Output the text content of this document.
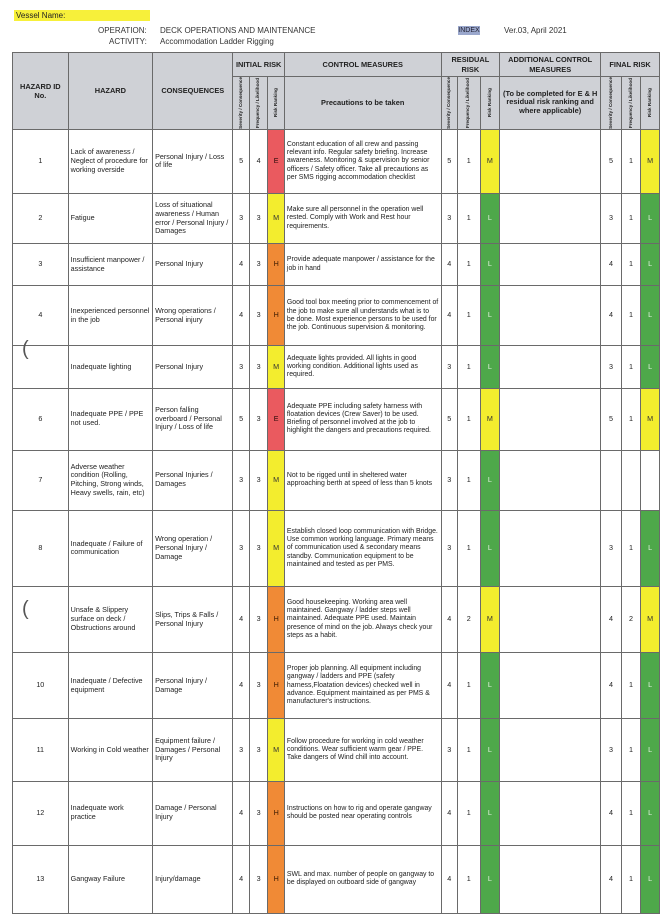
Vessel Name:
OPERATION: DECK OPERATIONS AND MAINTENANCE
ACTIVITY: Accommodation Ladder Rigging
INDEX	Ver.03, April 2021
HAZARD ID No.	HAZARD	CONSEQUENCES	INITIAL RISK			CONTROL MEASURES	RESIDUAL RISK			ADDITIONAL CONTROL MEASURES	FINAL RISK		

			Severity / Consequence	Frequency / Likelihood	Risk Ranking	Precautions to be taken	Severity / Consequence	Frequency / Likelihood	Risk Ranking	(To be completed for E & H residual risk ranking and where applicable)	Severity / Consequence	Frequency / Likelihood	Risk Ranking

1	Lack of awareness / Neglect of procedure for working overside	Personal Injury / Loss of life	5	4	E	Constant education of all crew and passing relevant info. Regular safety briefing. Increase awareness. Monitoring & supervision by senior officers / Safety officer. Take all precautions as per SMS rigging accommodation checklist	5	1	M		5	1	M
2	Fatigue	Loss of situational awareness / Human error / Personal Injury / Damages	3	3	M	Make sure all personnel in the operation well rested. Comply with Work and Rest hour requirements.	3	1	L		3	1	L
3	Insufficient manpower / assistance	Personal Injury	4	3	H	Provide adequate manpower / assistance for the job in hand	4	1	L		4	1	L
4	Inexperienced personnel in the job	Wrong operations / Personal injury	4	3	H	Good tool box meeting prior to commencement of the job to make sure all understands what is to be done. Most experience persons to be used for the job. Continuous supervision & monitoring.	4	1	L		4	1	L
	Inadequate lighting	Personal Injury	3	3	M	Adequate lights provided. All lights in good working condition. Additional lights used as required.	3	1	L		3	1	L
6	Inadequate PPE / PPE not used.	Person falling overboard / Personal Injury / Loss of life	5	3	E	Adequate PPE including safety harness with floatation devices (Crew Saver) to be used. Briefing of personnel involved at the job to highlight the dangers and precautions required.	5	1	M		5	1	M
7	Adverse weather condition (Rolling, Pitching, Strong winds, Heavy swells, rain, etc)	Personal Injuries / Damages	3	3	M	Not to be rigged until in sheltered water approaching berth at speed of less than 5 knots	3	1	L				
8	Inadequate / Failure of communication	Wrong operation / Personal Injury / Damage	3	3	M	Establish closed loop communication with Bridge. Use common working language. Primary means of communication used & secondary means standby. Communication equipment to be maintained and tested as per PMS.	3	1	L		3	1	L
	Unsafe & Slippery surface on deck / Obstructions around	Slips, Trips & Falls / Personal Injury	4	3	H	Good housekeeping. Working area well maintained. Gangway / ladder steps well maintained. Adequate PPE used. Maintain presence of mind on the job. Always check your steps as a habit.	4	2	M		4	2	M
10	Inadequate / Defective equipment	Personal Injury / Damage	4	3	H	Proper job planning. All equipment including gangway / ladders and PPE (safety harness,Floatation devices) checked well in advance. Equipment maintained as per PMS & manufacturer's instructions.	4	1	L		4	1	L
11	Working in Cold weather	Equipment failure / Damages / Personal Injury	3	3	M	Follow procedure for working in cold weather conditions. Wear sufficient warm gear / PPE. Take dangers of Wind chill into account.	3	1	L		3	1	L
12	Inadequate work practice	Damage / Personal Injury	4	3	H	Instructions on how to rig and operate gangway should be posted near operating controls	4	1	L		4	1	L
13	Gangway Failure	Injury/damage	4	3	H	SWL and max. number of people on gangway to be displayed on outboard side of gangway	4	1	L		4	1	L
(
(
